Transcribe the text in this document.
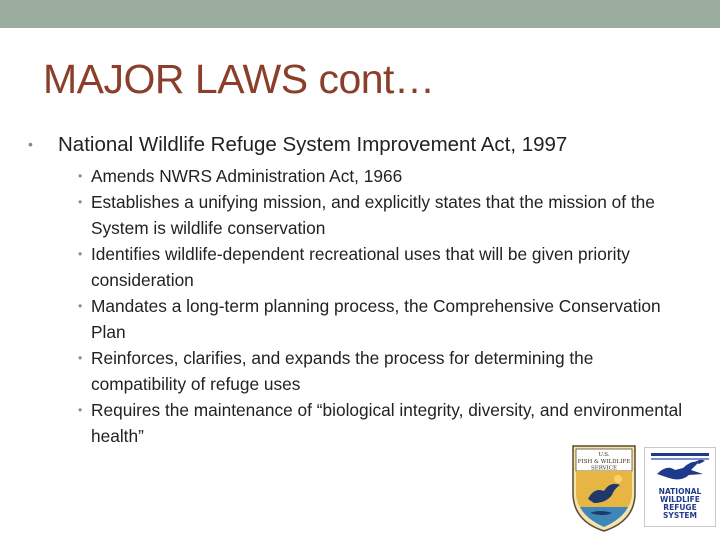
MAJOR LAWS cont…

• National Wildlife Refuge System Improvement Act, 1997

• Amends NWRS Administration Act, 1966
• Establishes a unifying mission, and explicitly states that the mission of the System is wildlife conservation
• Identifies wildlife-dependent recreational uses that will be given priority consideration
• Mandates a long-term planning process, the Comprehensive Conservation Plan
• Reinforces, clarifies, and expands the process for determining the compatibility of refuge uses
• Requires the maintenance of “biological integrity, diversity, and environmental health”
U.S.
FISH & WILDLIFE
SERVICE
NATIONAL
WILDLIFE
REFUGE
SYSTEM
